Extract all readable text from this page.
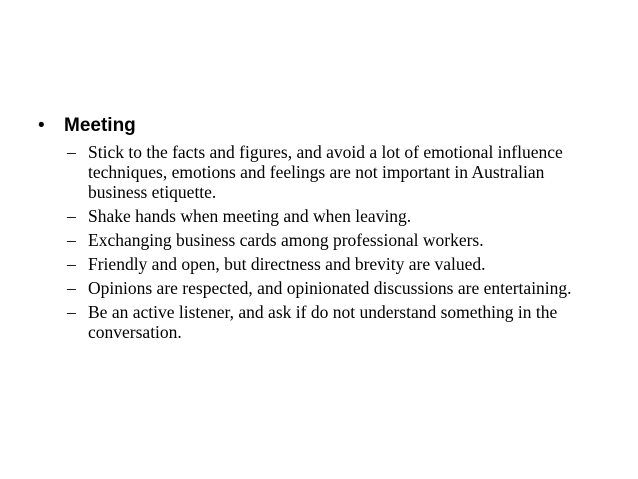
•	Meeting
– Stick to the facts and figures, and avoid a lot of emotional influence techniques, emotions and feelings are not important in Australian business etiquette.
– Shake hands when meeting and when leaving.
– Exchanging business cards among professional workers.
– Friendly and open, but directness and brevity are valued.
– Opinions are respected, and opinionated discussions are entertaining.
– Be an active listener, and ask if do not understand something in the conversation.
